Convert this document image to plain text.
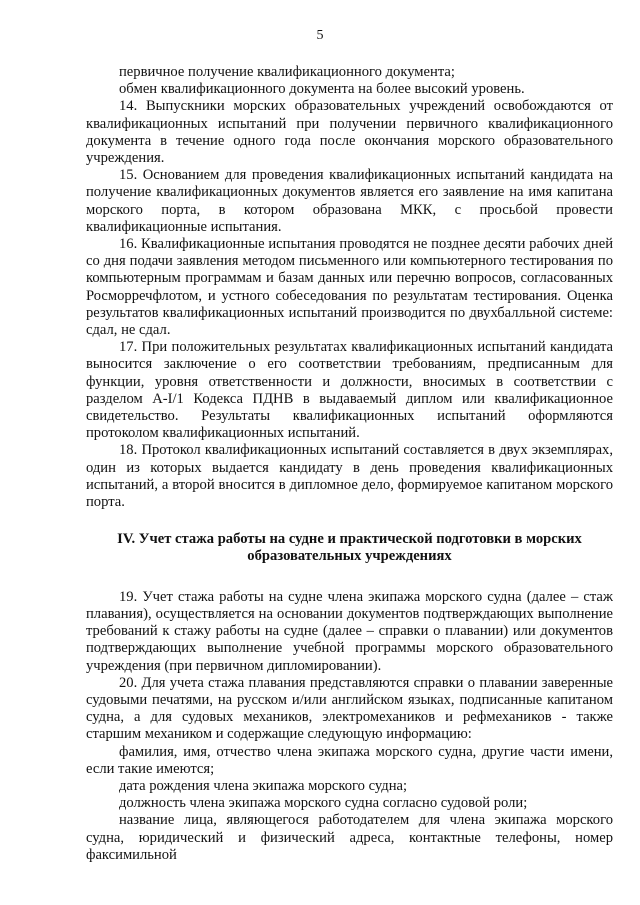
5

первичное получение квалификационного документа;

обмен квалификационного документа на более высокий уровень.

14. Выпускники морских образовательных учреждений освобождаются от квалификационных испытаний при получении первичного квалификационного документа в течение одного года после окончания морского образовательного учреждения.

15. Основанием для проведения квалификационных испытаний кандидата на получение квалификационных документов является его заявление на имя капитана морского порта, в котором образована МКК, с просьбой провести квалификационные испытания.

16. Квалификационные испытания проводятся не позднее десяти рабочих дней со дня подачи заявления методом письменного или компьютерного тестирования по компьютерным программам и базам данных или перечню вопросов, согласованных Росморречфлотом, и устного собеседования по результатам тестирования. Оценка результатов квалификационных испытаний производится по двухбалльной системе: сдал, не сдал.

17. При положительных результатах квалификационных испытаний кандидата выносится заключение о его соответствии требованиям, предписанным для функции, уровня ответственности и должности, вносимых в соответствии с разделом A-I/1 Кодекса ПДНВ в выдаваемый диплом или квалификационное свидетельство. Результаты квалификационных испытаний оформляются протоколом квалификационных испытаний.

18. Протокол квалификационных испытаний составляется в двух экземплярах, один из которых выдается кандидату в день проведения квалификационных испытаний, а второй вносится в дипломное дело, формируемое капитаном морского порта.

IV. Учет стажа работы на судне и практической подготовки в морских образовательных учреждениях

19. Учет стажа работы на судне члена экипажа морского судна (далее – стаж плавания), осуществляется на основании документов подтверждающих выполнение требований к стажу работы на судне (далее – справки о плавании) или документов подтверждающих выполнение учебной программы морского образовательного учреждения (при первичном дипломировании).

20. Для учета стажа плавания представляются справки о плавании заверенные судовыми печатями, на русском и/или английском языках, подписанные капитаном судна, а для судовых механиков, электромехаников и рефмехаников - также старшим механиком и содержащие следующую информацию:

фамилия, имя, отчество члена экипажа морского судна, другие части имени, если такие имеются;

дата рождения члена экипажа морского судна;

должность члена экипажа морского судна согласно судовой роли;

название лица, являющегося работодателем для члена экипажа морского судна, юридический и физический адреса, контактные телефоны, номер факсимильной
